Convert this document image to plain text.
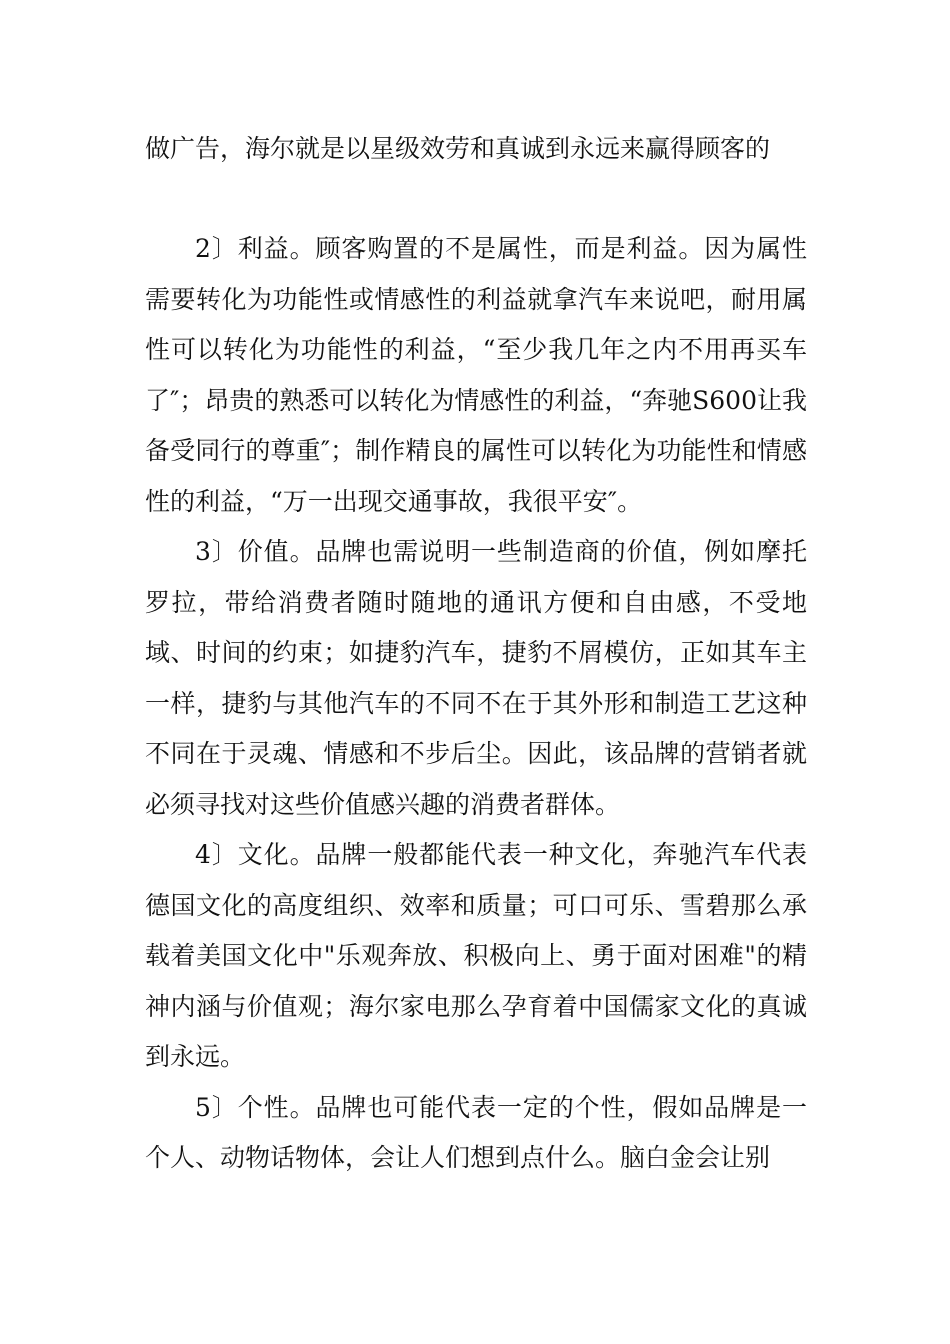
做广告，海尔就是以星级效劳和真诚到永远来赢得顾客的

2〕利益。顾客购置的不是属性，而是利益。因为属性需要转化为功能性或情感性的利益就拿汽车来说吧，耐用属性可以转化为功能性的利益，“至少我几年之内不用再买车了″；昂贵的熟悉可以转化为情感性的利益，“奔驰S600让我备受同行的尊重″；制作精良的属性可以转化为功能性和情感性的利益，“万一出现交通事故，我很平安″。

3〕价值。品牌也需说明一些制造商的价值，例如摩托罗拉，带给消费者随时随地的通讯方便和自由感，不受地域、时间的约束；如捷豹汽车，捷豹不屑模仿，正如其车主一样，捷豹与其他汽车的不同不在于其外形和制造工艺这种不同在于灵魂、情感和不步后尘。因此，该品牌的营销者就必须寻找对这些价值感兴趣的消费者群体。

4〕文化。品牌一般都能代表一种文化，奔驰汽车代表德国文化的高度组织、效率和质量；可口可乐、雪碧那么承载着美国文化中"乐观奔放、积极向上、勇于面对困难"的精神内涵与价值观；海尔家电那么孕育着中国儒家文化的真诚到永远。

5〕个性。品牌也可能代表一定的个性，假如品牌是一个人、动物话物体，会让人们想到点什么。脑白金会让别
